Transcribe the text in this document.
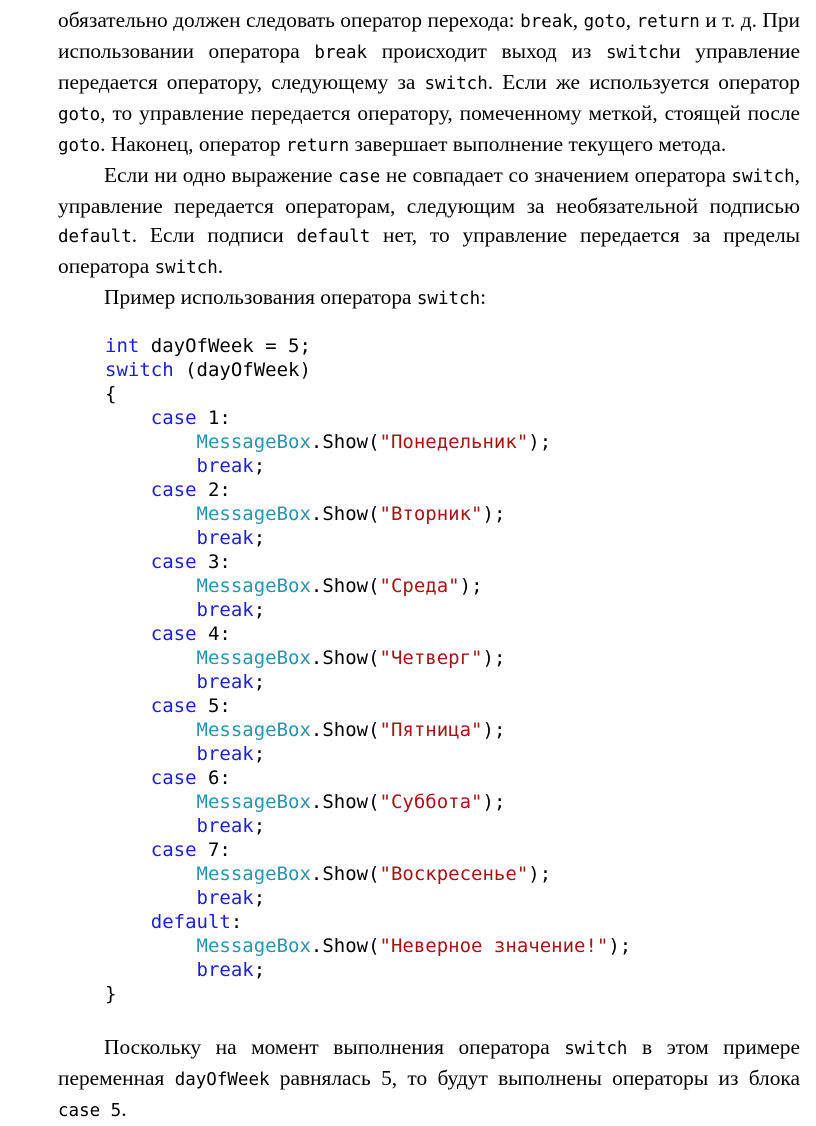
обязательно должен следовать оператор перехода: break, goto, return и т. д. При использовании оператора break происходит выход из switchи управление передается оператору, следующему за switch. Если же используется оператор goto, то управление передается оператору, помеченному меткой, стоящей после goto. Наконец, оператор return завершает выполнение текущего метода.

Если ни одно выражение case не совпадает со значением оператора switch, управление передается операторам, следующим за необязательной подписью default. Если подписи default нет, то управление передается за пределы оператора switch.

Пример использования оператора switch:

int dayOfWeek = 5;
switch (dayOfWeek)
{
case 1:
MessageBox.Show("Понедельник");
break;
case 2:
MessageBox.Show("Вторник");
break;
case 3:
MessageBox.Show("Среда");
break;
case 4:
MessageBox.Show("Четверг");
break;
case 5:
MessageBox.Show("Пятница");
break;
case 6:
MessageBox.Show("Суббота");
break;
case 7:
MessageBox.Show("Воскресенье");
break;
default:
MessageBox.Show("Неверное значение!");
break;
}

Поскольку на момент выполнения оператора switch в этом примере переменная dayOfWeek равнялась 5, то будут выполнены операторы из блока case 5.
